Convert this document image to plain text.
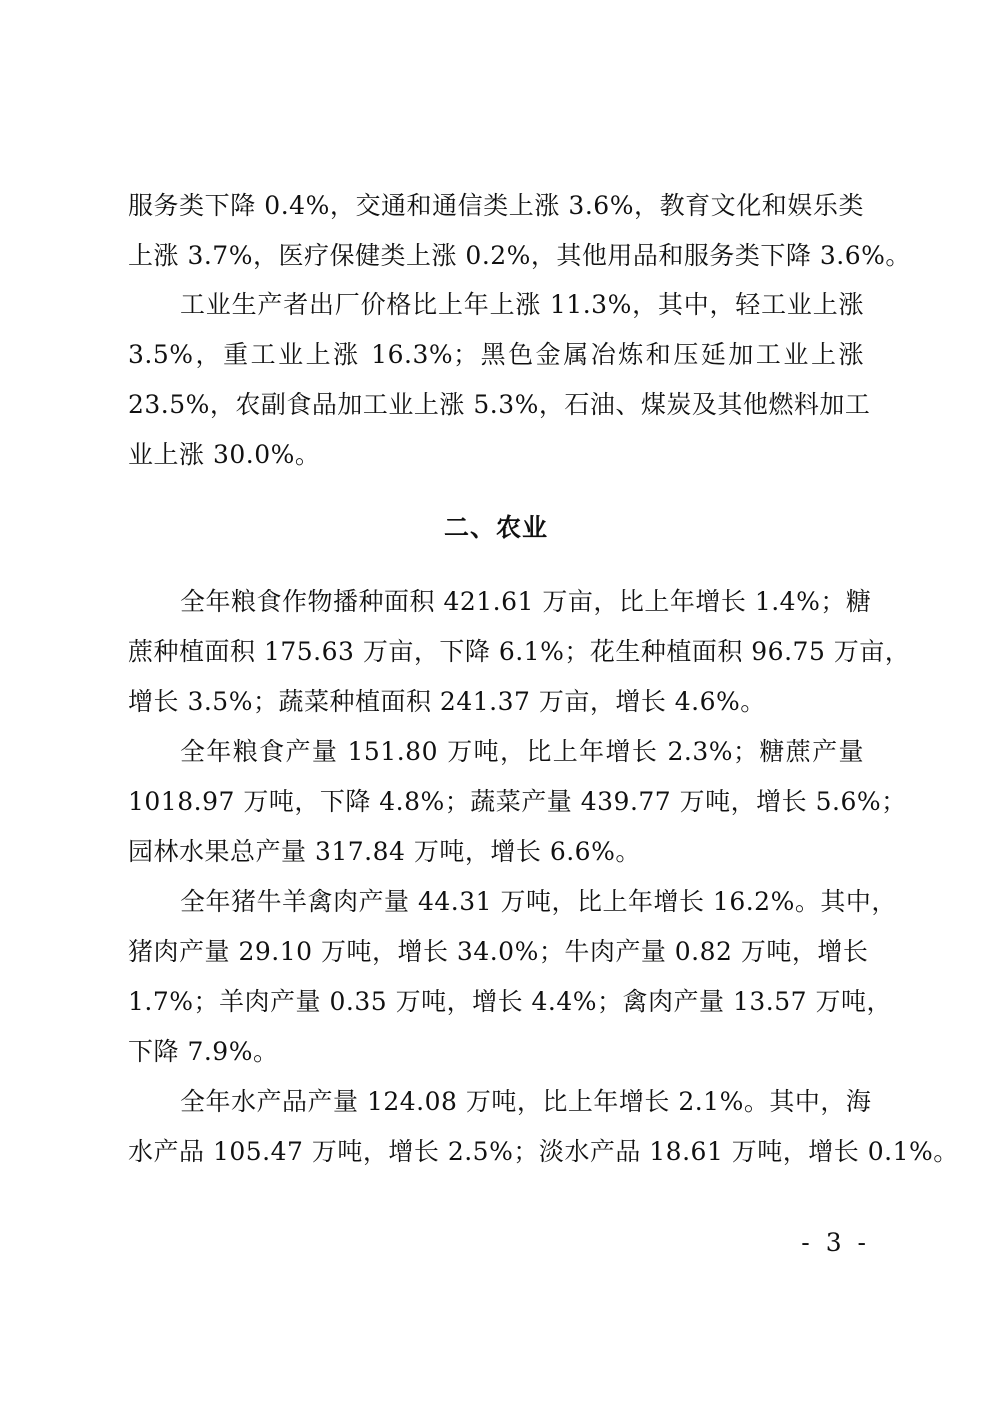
服务类下降 0.4%，交通和通信类上涨 3.6%，教育文化和娱乐类
上涨 3.7%，医疗保健类上涨 0.2%，其他用品和服务类下降 3.6%。
工业生产者出厂价格比上年上涨 11.3%，其中，轻工业上涨
3.5%，重工业上涨 16.3%；黑色金属冶炼和压延加工业上涨
23.5%，农副食品加工业上涨 5.3%，石油、煤炭及其他燃料加工
业上涨 30.0%。
二、农业
全年粮食作物播种面积 421.61 万亩，比上年增长 1.4%；糖
蔗种植面积 175.63 万亩，下降 6.1%；花生种植面积 96.75 万亩，
增长 3.5%；蔬菜种植面积 241.37 万亩，增长 4.6%。
全年粮食产量 151.80 万吨，比上年增长 2.3%；糖蔗产量
1018.97 万吨，下降 4.8%；蔬菜产量 439.77 万吨，增长 5.6%；
园林水果总产量 317.84 万吨，增长 6.6%。
全年猪牛羊禽肉产量 44.31 万吨，比上年增长 16.2%。其中，
猪肉产量 29.10 万吨，增长 34.0%；牛肉产量 0.82 万吨，增长
1.7%；羊肉产量 0.35 万吨，增长 4.4%；禽肉产量 13.57 万吨，
下降 7.9%。
全年水产品产量 124.08 万吨，比上年增长 2.1%。其中，海
水产品 105.47 万吨，增长 2.5%；淡水产品 18.61 万吨，增长 0.1%。
- 3 -
